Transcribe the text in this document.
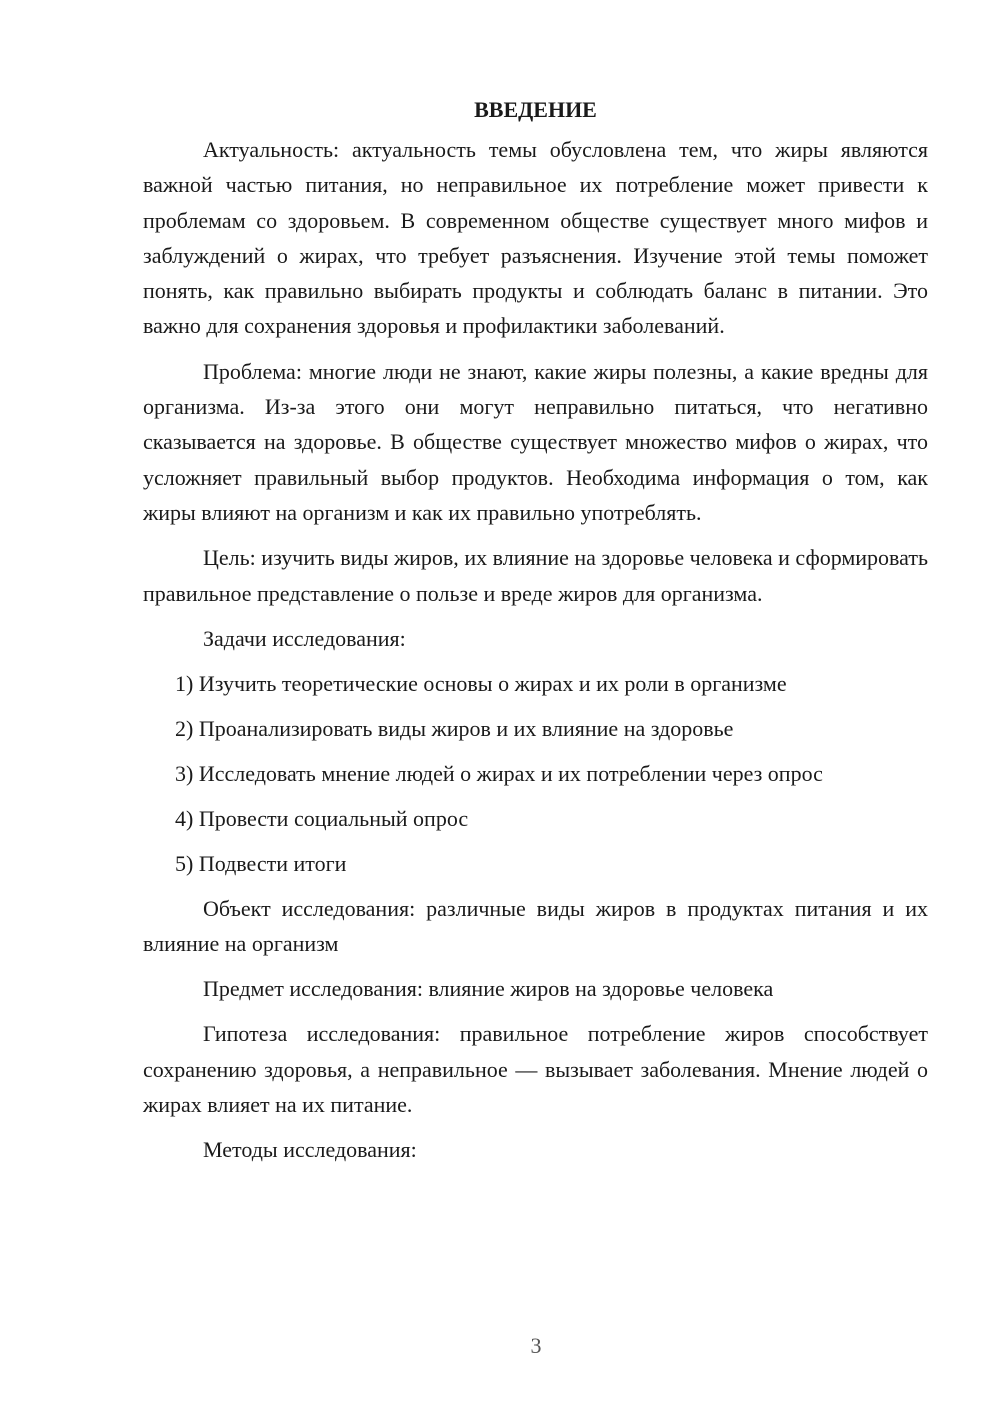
ВВЕДЕНИЕ

Актуальность: актуальность темы обусловлена тем, что жиры являются важной частью питания, но неправильное их потребление может привести к проблемам со здоровьем. В современном обществе существует много мифов и заблуждений о жирах, что требует разъяснения. Изучение этой темы поможет понять, как правильно выбирать продукты и соблюдать баланс в питании. Это важно для сохранения здоровья и профилактики заболеваний.

Проблема: многие люди не знают, какие жиры полезны, а какие вредны для организма. Из-за этого они могут неправильно питаться, что негативно сказывается на здоровье. В обществе существует множество мифов о жирах, что усложняет правильный выбор продуктов. Необходима информация о том, как жиры влияют на организм и как их правильно употреблять.

Цель: изучить виды жиров, их влияние на здоровье человека и сформировать правильное представление о пользе и вреде жиров для организма.

Задачи исследования:
1) Изучить теоретические основы о жирах и их роли в организме
2) Проанализировать виды жиров и их влияние на здоровье
3) Исследовать мнение людей о жирах и их потреблении через опрос
4) Провести социальный опрос
5) Подвести итоги

Объект исследования: различные виды жиров в продуктах питания и их влияние на организм

Предмет исследования: влияние жиров на здоровье человека

Гипотеза исследования: правильное потребление жиров способствует сохранению здоровья, а неправильное — вызывает заболевания. Мнение людей о жирах влияет на их питание.

Методы исследования:
3
